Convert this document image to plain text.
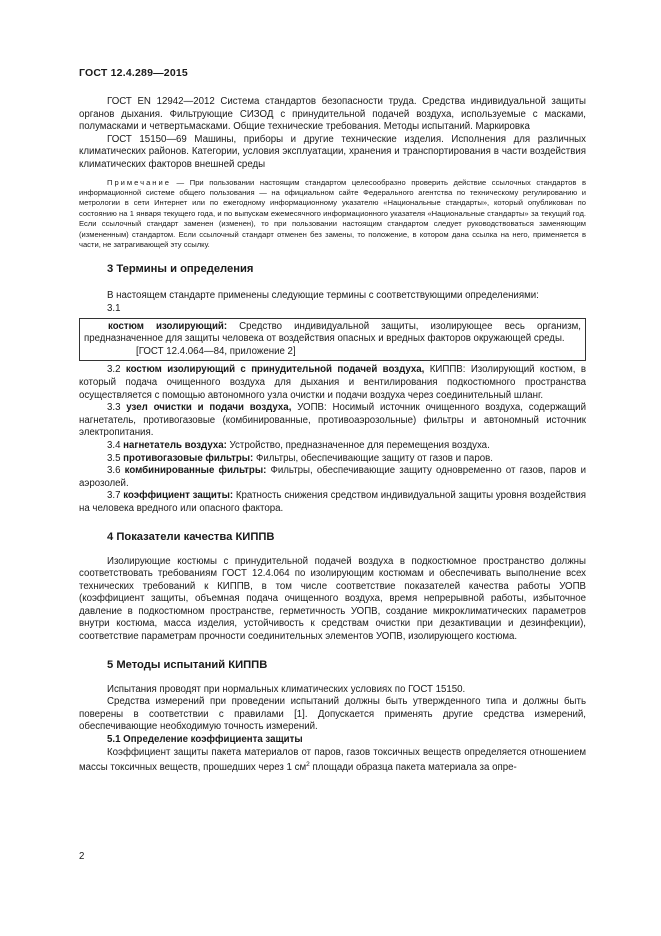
ГОСТ 12.4.289—2015

ГОСТ EN 12942—2012 Система стандартов безопасности труда. Средства индивидуальной защиты органов дыхания. Фильтрующие СИЗОД с принудительной подачей воздуха, используемые с масками, полумасками и четвертьмасками. Общие технические требования. Методы испытаний. Маркировка

ГОСТ 15150—69 Машины, приборы и другие технические изделия. Исполнения для различных климатических районов. Категории, условия эксплуатации, хранения и транспортирования в части воздействия климатических факторов внешней среды

Примечание — При пользовании настоящим стандартом целесообразно проверить действие ссылочных стандартов в информационной системе общего пользования — на официальном сайте Федерального агентства по техническому регулированию и метрологии в сети Интернет или по ежегодному информационному указателю «Национальные стандарты», который опубликован по состоянию на 1 января текущего года, и по выпускам ежемесячного информационного указателя «Национальные стандарты» за текущий год. Если ссылочный стандарт заменен (изменен), то при пользовании настоящим стандартом следует руководствоваться заменяющим (измененным) стандартом. Если ссылочный стандарт отменен без замены, то положение, в котором дана ссылка на него, применяется в части, не затрагивающей эту ссылку.

3 Термины и определения

В настоящем стандарте применены следующие термины с соответствующими определениями:

3.1

костюм изолирующий: Средство индивидуальной защиты, изолирующее весь организм, предназначенное для защиты человека от воздействия опасных и вредных факторов окружающей среды.

[ГОСТ 12.4.064—84, приложение 2]

3.2 костюм изолирующий с принудительной подачей воздуха, КИППВ: Изолирующий костюм, в который подача очищенного воздуха для дыхания и вентилирования подкостюмного пространства осуществляется с помощью автономного узла очистки и подачи воздуха через соединительный шланг.

3.3 узел очистки и подачи воздуха, УОПВ: Носимый источник очищенного воздуха, содержащий нагнетатель, противогазовые (комбинированные, противоаэрозольные) фильтры и автономный источник электропитания.

3.4 нагнетатель воздуха: Устройство, предназначенное для перемещения воздуха.

3.5 противогазовые фильтры: Фильтры, обеспечивающие защиту от газов и паров.

3.6 комбинированные фильтры: Фильтры, обеспечивающие защиту одновременно от газов, паров и аэрозолей.

3.7 коэффициент защиты: Кратность снижения средством индивидуальной защиты уровня воздействия на человека вредного или опасного фактора.

4 Показатели качества КИППВ

Изолирующие костюмы с принудительной подачей воздуха в подкостюмное пространство должны соответствовать требованиям ГОСТ 12.4.064 по изолирующим костюмам и обеспечивать выполнение всех технических требований к КИППВ, в том числе соответствие показателей качества работы УОПВ (коэффициент защиты, объемная подача очищенного воздуха, время непрерывной работы, избыточное давление в подкостюмном пространстве, герметичность УОПВ, создание микроклиматических параметров внутри костюма, масса изделия, устойчивость к средствам очистки при дезактивации и дезинфекции), соответствие параметрам прочности соединительных элементов УОПВ, изолирующего костюма.

5 Методы испытаний КИППВ

Испытания проводят при нормальных климатических условиях по ГОСТ 15150.

Средства измерений при проведении испытаний должны быть утвержденного типа и должны быть поверены в соответствии с правилами [1]. Допускается применять другие средства измерений, обеспечивающие необходимую точность измерений.

5.1 Определение коэффициента защиты

Коэффициент защиты пакета материалов от паров, газов токсичных веществ определяется отношением массы токсичных веществ, прошедших через 1 $см^2$ площади образца пакета материала за опре-

2
